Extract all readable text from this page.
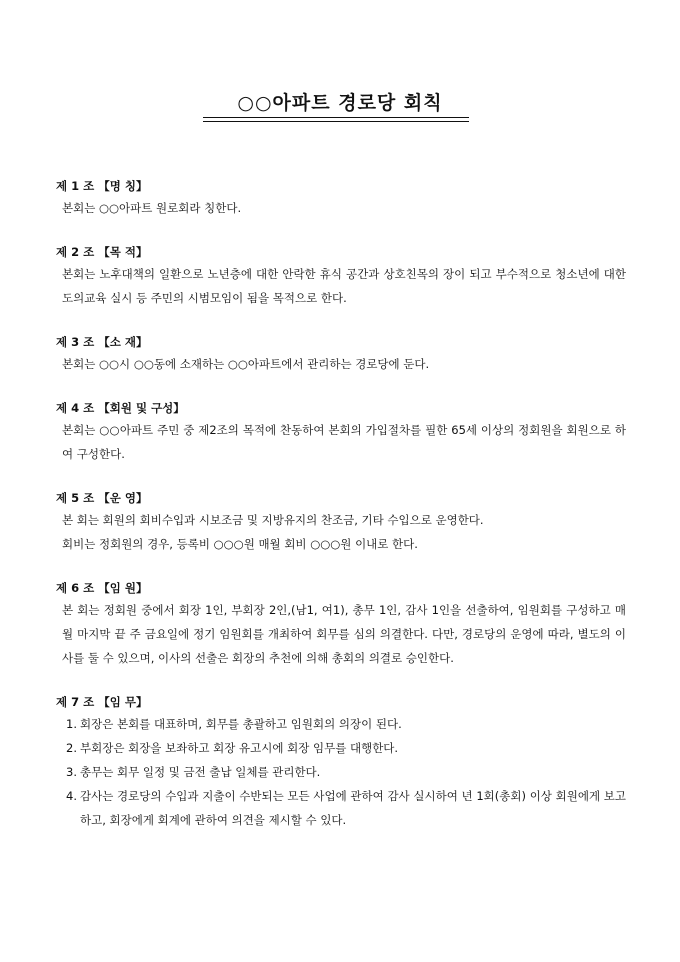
○○아파트 경로당 회칙
제 1 조 【명 칭】
본회는 ○○아파트 원로회라 칭한다.
제 2 조 【목 적】
본회는 노후대책의 일환으로 노년층에 대한 안락한 휴식 공간과 상호친목의 장이 되고 부수적으로 청소년에 대한 도의교육 실시 등 주민의 시범모임이 됨을 목적으로 한다.
제 3 조 【소 재】
본회는 ○○시 ○○동에 소재하는 ○○아파트에서 관리하는 경로당에 둔다.
제 4 조 【회원 및 구성】
본회는 ○○아파트 주민 중 제2조의 목적에 찬동하여 본회의 가입절차를 필한 65세 이상의 정회원을 회원으로 하여 구성한다.
제 5 조 【운 영】
본 회는 회원의 회비수입과 시보조금 및 지방유지의 찬조금, 기타 수입으로 운영한다.
회비는 정회원의 경우, 등록비 ○○○원 매월 회비 ○○○원 이내로 한다.
제 6 조 【임 원】
본 회는 정회원 중에서 회장 1인, 부회장 2인,(남1, 여1), 총무 1인, 감사 1인을 선출하여, 임원회를 구성하고 매월 마지막 끝 주 금요일에 정기 임원회를 개최하여 회무를 심의 의결한다. 다만, 경로당의 운영에 따라, 별도의 이사를 둘 수 있으며, 이사의 선출은 회장의 추천에 의해 총회의 의결로 승인한다.
제 7 조 【임 무】
1. 회장은 본회를 대표하며, 회무를 총괄하고 임원회의 의장이 된다.
2. 부회장은 회장을 보좌하고 회장 유고시에 회장 임무를 대행한다.
3. 총무는 회무 일정 및 금전 출납 일체를 관리한다.
4. 감사는 경로당의 수입과 지출이 수반되는 모든 사업에 관하여 감사 실시하여 년 1회(총회) 이상 회원에게 보고하고, 회장에게 회계에 관하여 의견을 제시할 수 있다.
